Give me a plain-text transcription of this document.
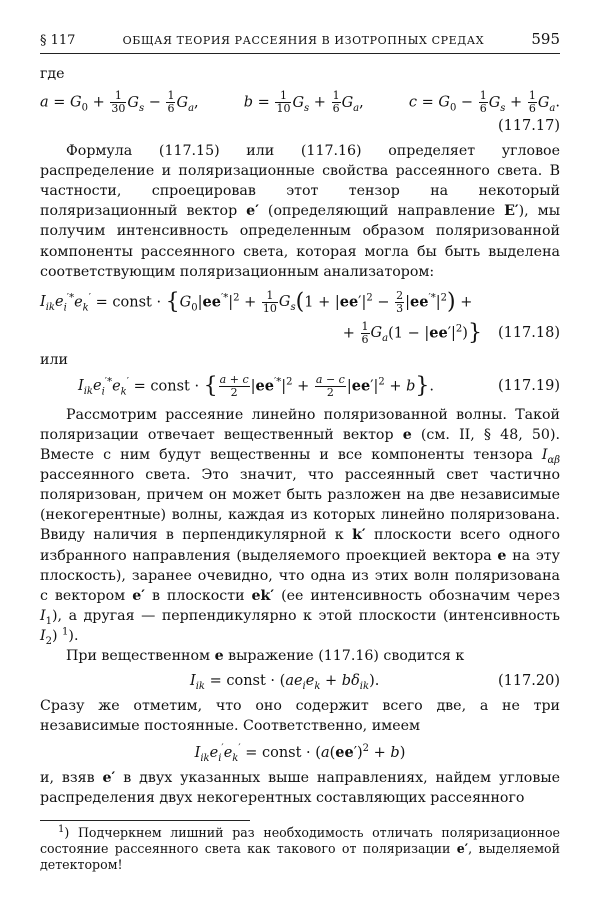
§ 117	ОБЩАЯ ТЕОРИЯ РАССЕЯНИЯ В ИЗОТРОПНЫХ СРЕДАХ	595

где

$a = G_0 + \frac{1}{30} G_s - \frac{1}{6} G_a$,	$b = \frac{1}{10} G_s + \frac{1}{6} G_a$,	$c = G_0 - \frac{1}{6} G_s + \frac{1}{6} G_a$.
(117.17)

Формула (117.15) или (117.16) определяет угловое распределение и поляризационные свойства рассеянного света. В частности, спроецировав этот тензор на некоторый поляризационный вектор e′ (определяющий направление E′), мы получим интенсивность определенным образом поляризованной компоненты рассеянного света, которая могла бы быть выделена соответствующим поляризационным анализатором:

$I_{ik}e_i^{'*}e_k'$ = const · {$G_0|ee^{'*}|^2 + \frac{1}{10} G_s(1 + |ee'|^2 - \frac{2}{3} |ee^{'*}|^2)$ +
+ $\frac{1}{6} G_a(1 - |ee'|^2)$} (117.18)

или

$I_{ik}e_i^{'*}e_k'$ = const · { $\frac{a + c}{2} |ee^{'*}|^2 + \frac{a - c}{2} |ee'|^2 + b$}.	(117.19)

Рассмотрим рассеяние линейно поляризованной волны. Такой поляризации отвечает вещественный вектор e (см. II, § 48, 50). Вместе с ним будут вещественны и все компоненты тензора $I_{\alpha\beta}$ рассеянного света. Это значит, что рассеянный свет частично поляризован, причем он может быть разложен на две независимые (некогерентные) волны, каждая из которых линейно поляризована. Ввиду наличия в перпендикулярной к k′ плоскости всего одного избранного направления (выделяемого проекцией вектора e на эту плоскость), заранее очевидно, что одна из этих волн поляризована с вектором e′ в плоскости ek′ (ее интенсивность обозначим через $I_1$), а другая — перпендикулярно к этой плоскости (интенсивность $I_2$) $^1$).

При вещественном e выражение (117.16) сводится к

$I_{ik}$ = const · $(ae_ie_k + b\delta_{ik})$.	(117.20)

Сразу же отметим, что оно содержит всего две, а не три независимые постоянные. Соответственно, имеем

$I_{ik}e_i'e_k'$ = const · $(a(ee')^2 + b)$

и, взяв e′ в двух указанных выше направлениях, найдем угловые распределения двух некогерентных составляющих рассеянного

$^1$) Подчеркнем лишний раз необходимость отличать поляризационное состояние рассеянного света как такового от поляризации e′, выделяемой детектором!
